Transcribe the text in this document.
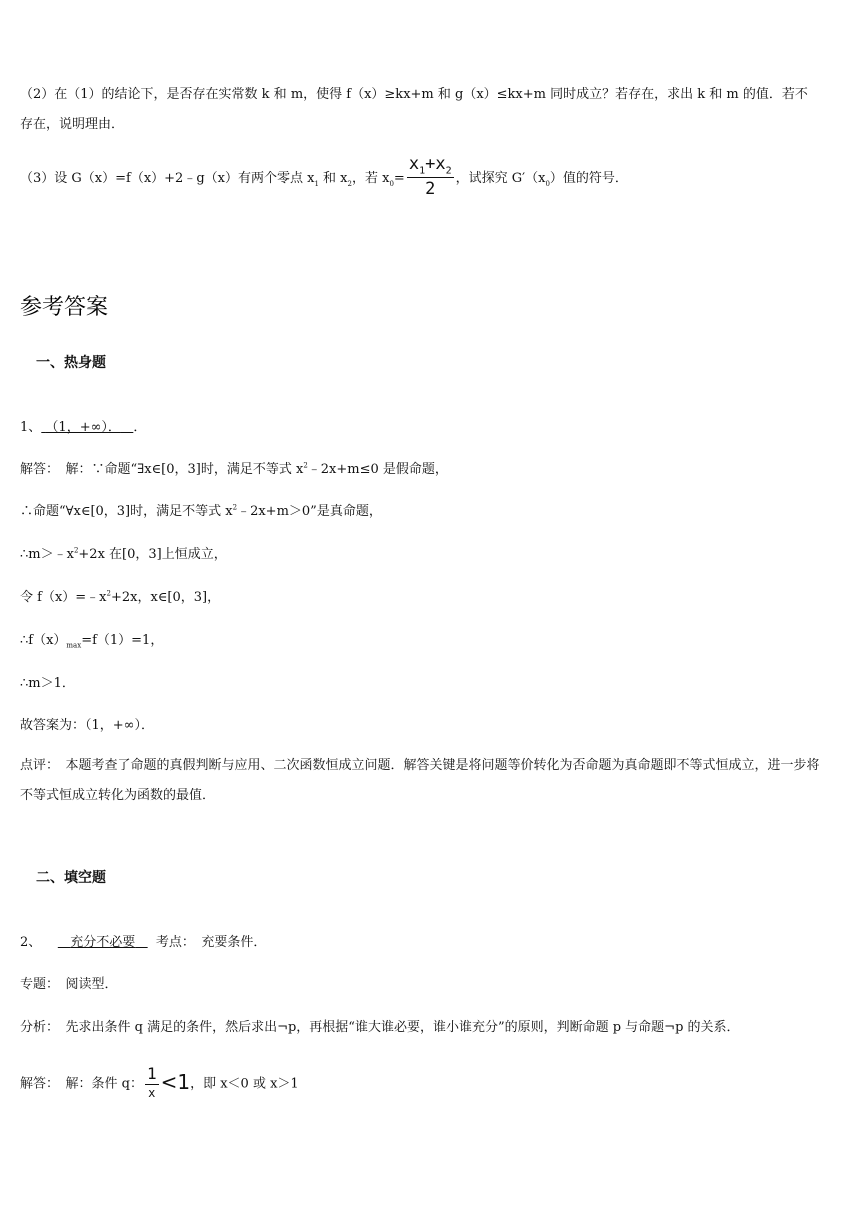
（2）在（1）的结论下，是否存在实常数 k 和 m，使得 f（x）≥kx+m 和 g（x）≤kx+m 同时成立？若存在，求出 k 和 m 的值．若不存在，说明理由．
（3）设 G（x）=f（x）+2﹣g（x）有两个零点 $x_1$ 和 $x_2$，若 $x_0= \frac{x_1+x_2}{2}$ ，试探究 $G'(x_0)$值的符号．
参考答案
一、热身题
1、 （1，+∞）． ．
解答：　解：∵命题“∃x∈[0，3]时，满足不等式 $x^2﹣2x+m\le 0$ 是假命题，
∴命题“∀x∈[0，3]时，满足不等式 $x^2﹣2x+m>0$”是真命题，
$\therefore m>﹣x^2+2x$ 在[0，3]上恒成立，
令 $f(x)=﹣x^2+2x$，x∈[0，3]，
$\therefore f(x)_{max}=f(1)=1$，
∴m＞1．
故答案为：（1，+∞）．
点评：　本题考查了命题的真假判断与应用、二次函数恒成立问题．解答关键是将问题等价转化为否命题为真命题即不等式恒成立，进一步将不等式恒成立转化为函数的最值．
二、填空题
2、 充分不必要 考点：　充要条件．
专题：　阅读型．
分析：　先求出条件 q 满足的条件，然后求出¬p，再根据“谁大谁必要，谁小谁充分”的原则，判断命题 p 与命题¬p 的关系．
解答：　解：条件 q： $\frac{1}{x} <1$，即 x＜0 或 x＞1
